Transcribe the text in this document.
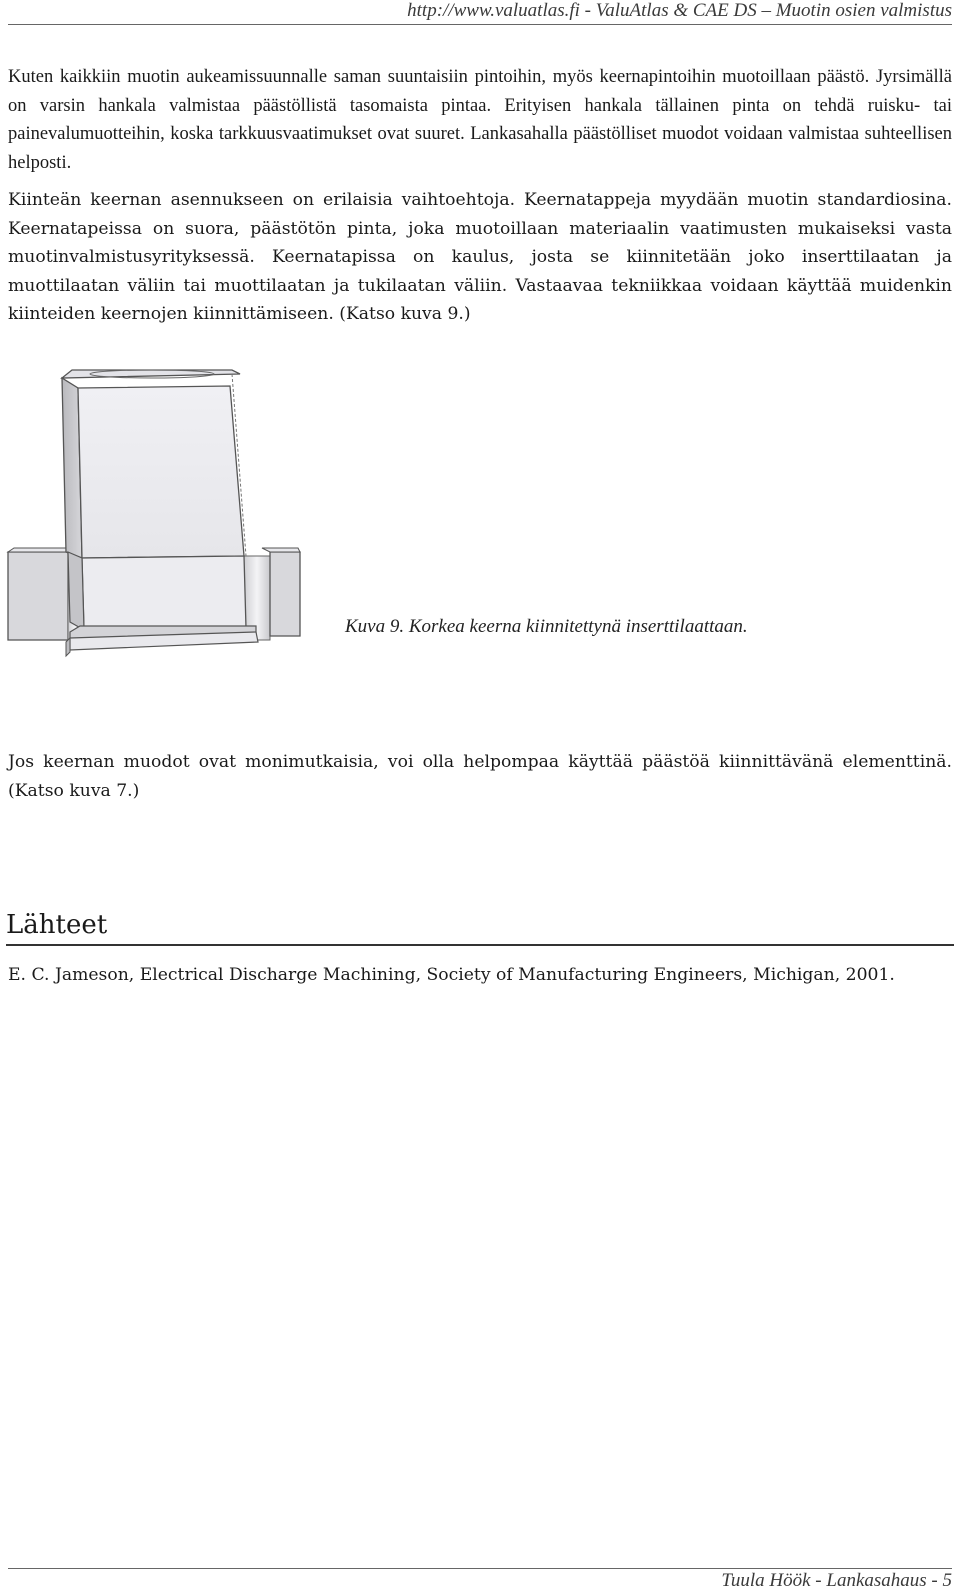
http://www.valuatlas.fi - ValuAtlas & CAE DS – Muotin osien valmistus

Kuten kaikkiin muotin aukeamissuunnalle saman suuntaisiin pintoihin, myös keernapintoihin muotoillaan päästö. Jyrsimällä on varsin hankala valmistaa päästöllistä tasomaista pintaa. Erityisen hankala tällainen pinta on tehdä ruisku- tai painevalumuotteihin, koska tarkkuusvaatimukset ovat suuret. Lankasahalla päästölliset muodot voidaan valmistaa suhteellisen helposti.

Kiinteän keernan asennukseen on erilaisia vaihtoehtoja. Keernatappeja myydään muotin standardiosina. Keernatapeissa on suora, päästötön pinta, joka muotoillaan materiaalin vaatimusten mukaiseksi vasta muotinvalmistusyrityksessä. Keernatapissa on kaulus, josta se kiinnitetään joko inserttilaatan ja muottilaatan väliin tai muottilaatan ja tukilaatan väliin. Vastaavaa tekniikkaa voidaan käyttää muidenkin kiinteiden keernojen kiinnittämiseen. (Katso kuva 9.)

Kuva 9. Korkea keerna kiinnitettynä inserttilaattaan.

Jos keernan muodot ovat monimutkaisia, voi olla helpompaa käyttää päästöä kiinnittävänä elementtinä. (Katso kuva 7.)

Lähteet

E. C. Jameson, Electrical Discharge Machining, Society of Manufacturing Engineers, Michigan, 2001.

Tuula Höök - Lankasahaus - 5
